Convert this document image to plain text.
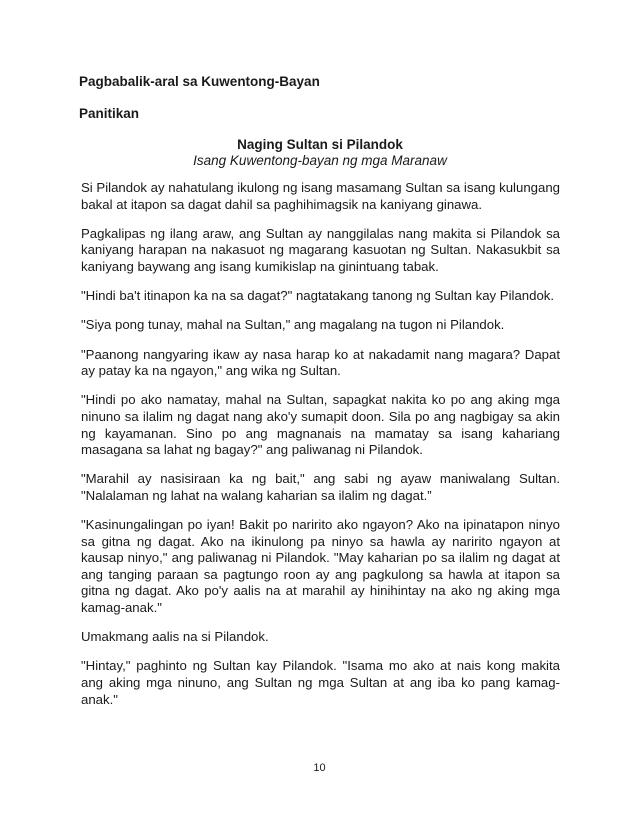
Pagbabalik-aral sa Kuwentong-Bayan
Panitikan
Naging Sultan si Pilandok
Isang Kuwentong-bayan ng mga Maranaw

Si Pilandok ay nahatulang ikulong ng isang masamang Sultan sa isang kulungang bakal at itapon sa dagat dahil sa paghihimagsik na kaniyang ginawa.

Pagkalipas ng ilang araw, ang Sultan ay nanggilalas nang makita si Pilandok sa kaniyang harapan na nakasuot ng magarang kasuotan ng Sultan. Nakasukbit sa kaniyang baywang ang isang kumikislap na ginintuang tabak.

"Hindi ba't itinapon ka na sa dagat?" nagtatakang tanong ng Sultan kay Pilandok.

"Siya pong tunay, mahal na Sultan," ang magalang na tugon ni Pilandok.

"Paanong nangyaring ikaw ay nasa harap ko at nakadamit nang magara? Dapat ay patay ka na ngayon," ang wika ng Sultan.

"Hindi po ako namatay, mahal na Sultan, sapagkat nakita ko po ang aking mga ninuno sa ilalim ng dagat nang ako'y sumapit doon. Sila po ang nagbigay sa akin ng kayamanan. Sino po ang magnanais na mamatay sa isang kahariang masagana sa lahat ng bagay?" ang paliwanag ni Pilandok.

"Marahil ay nasisiraan ka ng bait," ang sabi ng ayaw maniwalang Sultan. "Nalalaman ng lahat na walang kaharian sa ilalim ng dagat.”

"Kasinungalingan po iyan! Bakit po naririto ako ngayon? Ako na ipinatapon ninyo sa gitna ng dagat. Ako na ikinulong pa ninyo sa hawla ay naririto ngayon at kausap ninyo," ang paliwanag ni Pilandok. "May kaharian po sa ilalim ng dagat at ang tanging paraan sa pagtungo roon ay ang pagkulong sa hawla at itapon sa gitna ng dagat. Ako po'y aalis na at marahil ay hinihintay na ako ng aking mga kamag-anak."

Umakmang aalis na si Pilandok.

"Hintay," paghinto ng Sultan kay Pilandok. "Isama mo ako at nais kong makita ang aking mga ninuno, ang Sultan ng mga Sultan at ang iba ko pang kamag-anak."

10
